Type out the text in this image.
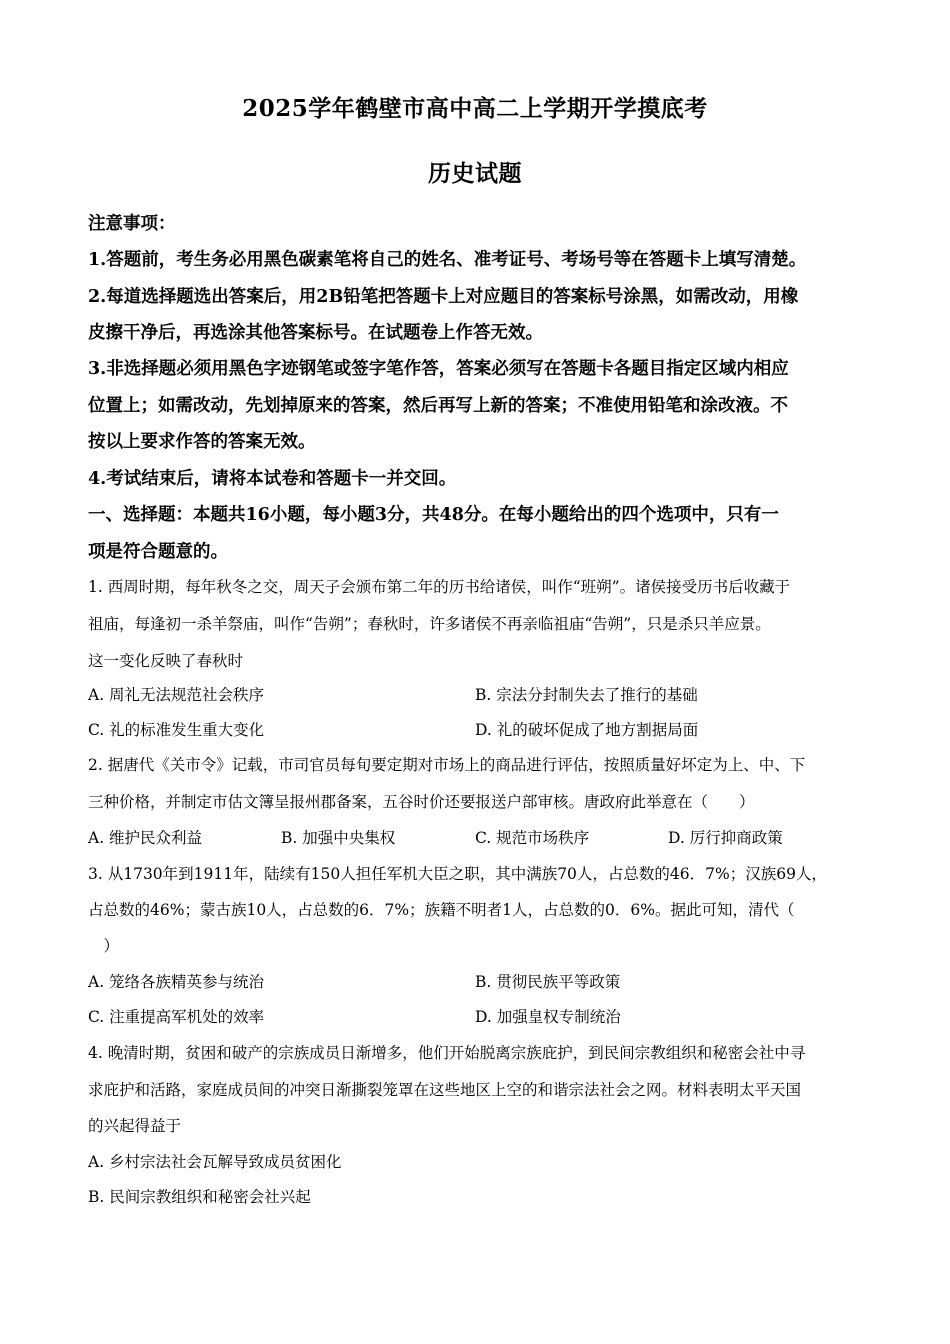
2025学年鹤壁市高中高二上学期开学摸底考
历史试题
注意事项：
1.答题前，考生务必用黑色碳素笔将自己的姓名、准考证号、考场号等在答题卡上填写清楚。
2.每道选择题选出答案后，用2B铅笔把答题卡上对应题目的答案标号涂黑，如需改动，用橡
皮擦干净后，再选涂其他答案标号。在试题卷上作答无效。
3.非选择题必须用黑色字迹钢笔或签字笔作答，答案必须写在答题卡各题目指定区域内相应
位置上；如需改动，先划掉原来的答案，然后再写上新的答案；不准使用铅笔和涂改液。不
按以上要求作答的答案无效。
4.考试结束后，请将本试卷和答题卡一并交回。
一、选择题：本题共16小题，每小题3分，共48分。在每小题给出的四个选项中，只有一
项是符合题意的。
1. 西周时期，每年秋冬之交，周天子会颁布第二年的历书给诸侯，叫作“班朔”。诸侯接受历书后收藏于
祖庙，每逢初一杀羊祭庙，叫作“告朔”；春秋时，许多诸侯不再亲临祖庙“告朔”，只是杀只羊应景。
这一变化反映了春秋时
A. 周礼无法规范社会秩序	B. 宗法分封制失去了推行的基础
C. 礼的标准发生重大变化	D. 礼的破坏促成了地方割据局面
2. 据唐代《关市令》记载，市司官员每旬要定期对市场上的商品进行评估，按照质量好坏定为上、中、下
三种价格，并制定市估文簿呈报州郡备案，五谷时价还要报送户部审核。唐政府此举意在（　　）
A. 维护民众利益	B. 加强中央集权	C. 规范市场秩序	D. 厉行抑商政策
3. 从1730年到1911年，陆续有150人担任军机大臣之职，其中满族70人，占总数的46．7%；汉族69人，
占总数的46%；蒙古族10人，占总数的6．7%；族籍不明者1人，占总数的0．6%。据此可知，清代（
　）
A. 笼络各族精英参与统治	B. 贯彻民族平等政策
C. 注重提高军机处的效率	D. 加强皇权专制统治
4. 晚清时期，贫困和破产的宗族成员日渐增多，他们开始脱离宗族庇护，到民间宗教组织和秘密会社中寻
求庇护和活路，家庭成员间的冲突日渐撕裂笼罩在这些地区上空的和谐宗法社会之网。材料表明太平天国
的兴起得益于
A. 乡村宗法社会瓦解导致成员贫困化
B. 民间宗教组织和秘密会社兴起
